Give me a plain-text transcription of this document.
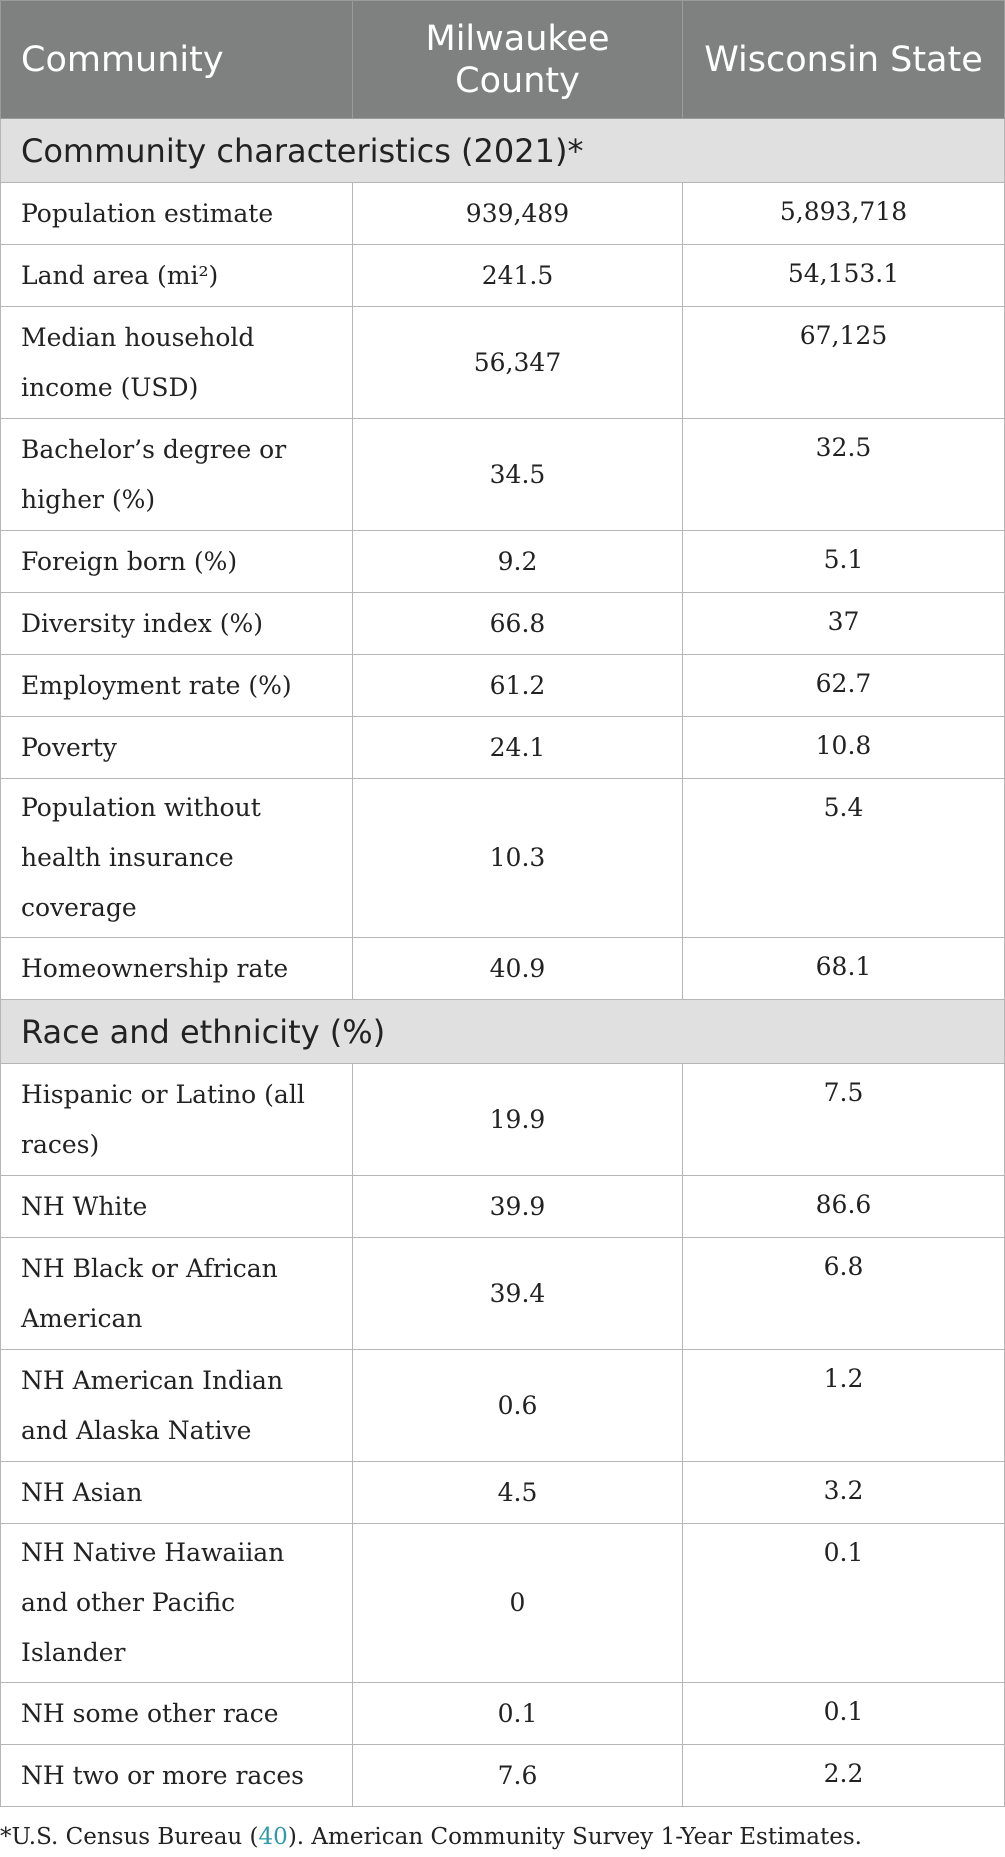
Community	Milwaukee County	Wisconsin State
Community characteristics (2021)*		
Population estimate	939,489	5,893,718
Land area (mi²)	241.5	54,153.1
Median household income (USD)	56,347	67,125
Bachelor’s degree or higher (%)	34.5	32.5
Foreign born (%)	9.2	5.1
Diversity index (%)	66.8	37
Employment rate (%)	61.2	62.7
Poverty	24.1	10.8
Population without health insurance coverage	10.3	5.4
Homeownership rate	40.9	68.1
Race and ethnicity (%)		
Hispanic or Latino (all races)	19.9	7.5
NH White	39.9	86.6
NH Black or African American	39.4	6.8
NH American Indian and Alaska Native	0.6	1.2
NH Asian	4.5	3.2
NH Native Hawaiian and other Pacific Islander	0	0.1
NH some other race	0.1	0.1
NH two or more races	7.6	2.2
*U.S. Census Bureau (40). American Community Survey 1-Year Estimates.
